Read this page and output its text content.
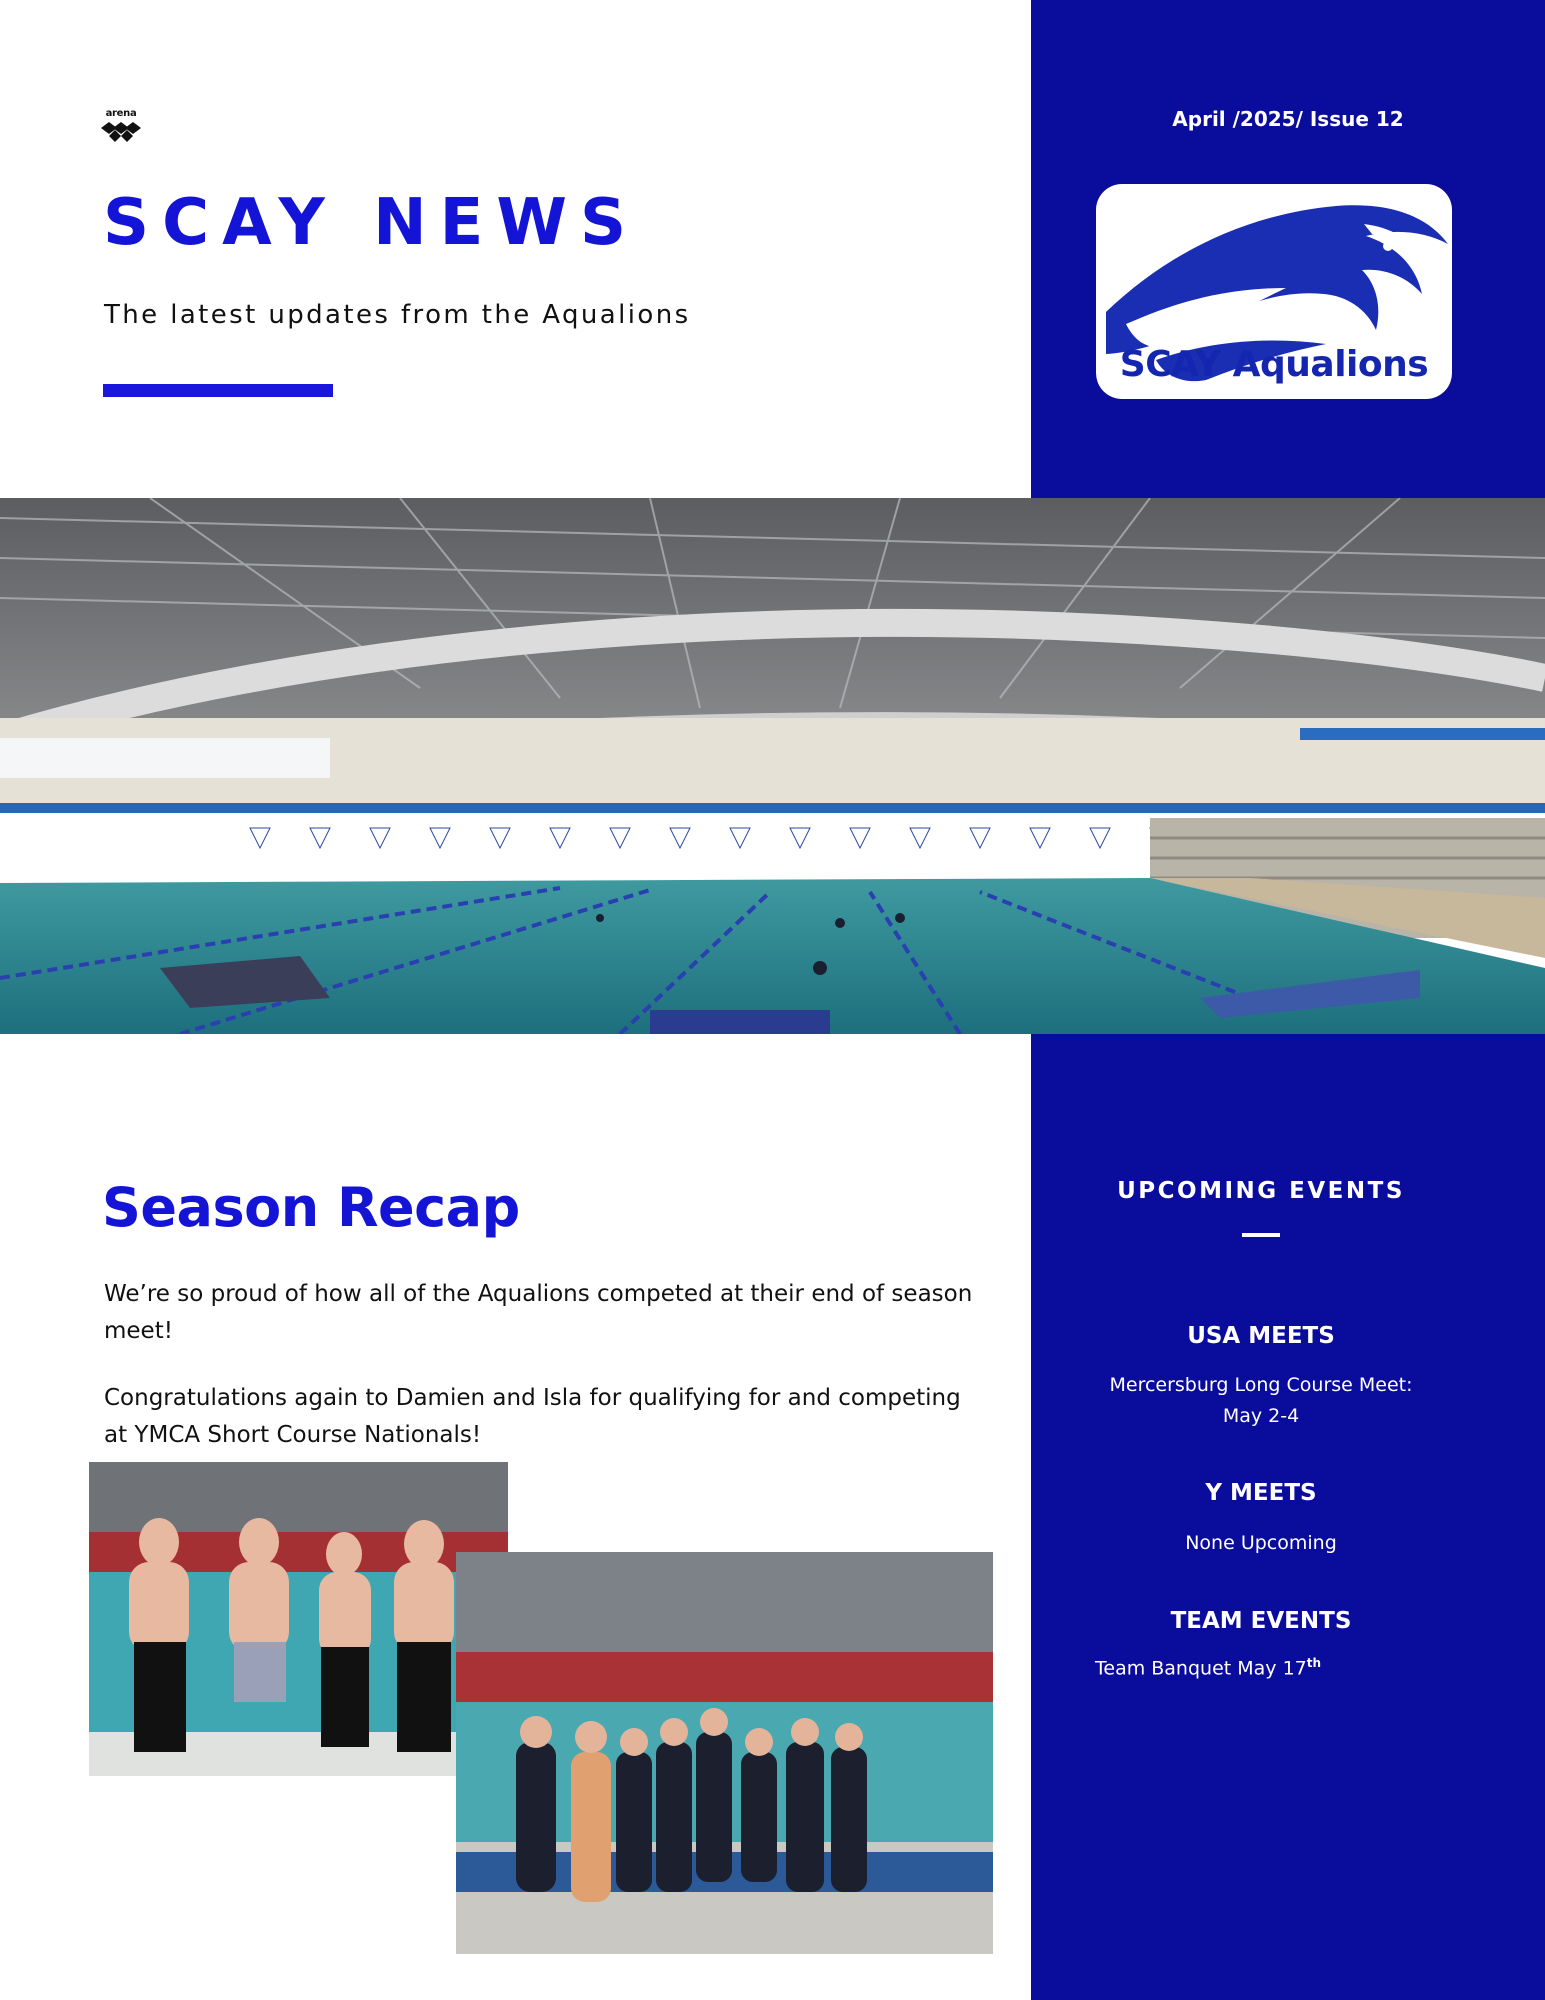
arena
SCAY NEWS
The latest updates from the Aqualions
April /2025/ Issue 12
SCAY Aqualions
Season Recap
We’re so proud of how all of the Aqualions competed at their end of season meet!
Congratulations again to Damien and Isla for qualifying for and competing at YMCA Short Course Nationals!
UPCOMING EVENTS
USA MEETS
Mercersburg Long Course Meet:
May 2-4
Y MEETS
None Upcoming
TEAM EVENTS
Team Banquet May 17th
